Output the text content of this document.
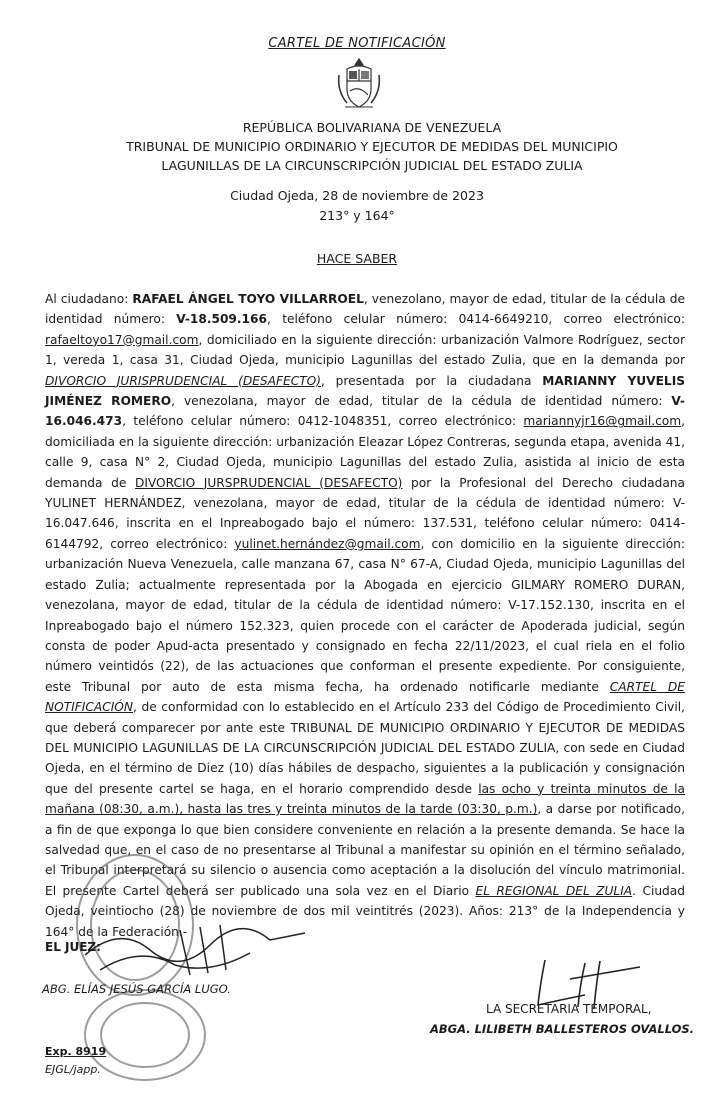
CARTEL DE NOTIFICACIÓN
REPÚBLICA BOLIVARIANA DE VENEZUELA
TRIBUNAL DE MUNICIPIO ORDINARIO Y EJECUTOR DE MEDIDAS DEL MUNICIPIO
LAGUNILLAS DE LA CIRCUNSCRIPCIÓN JUDICIAL DEL ESTADO ZULIA
Ciudad Ojeda, 28 de noviembre de 2023
213° y 164°
HACE SABER
Al ciudadano: RAFAEL ÁNGEL TOYO VILLARROEL, venezolano, mayor de edad, titular de la cédula de identidad número: V-18.509.166, teléfono celular número: 0414-6649210, correo electrónico: rafaeltoyo17@gmail.com, domiciliado en la siguiente dirección: urbanización Valmore Rodríguez, sector 1, vereda 1, casa 31, Ciudad Ojeda, municipio Lagunillas del estado Zulia, que en la demanda por DIVORCIO JURISPRUDENCIAL (DESAFECTO), presentada por la ciudadana MARIANNY YUVELIS JIMÉNEZ ROMERO, venezolana, mayor de edad, titular de la cédula de identidad número: V-16.046.473, teléfono celular número: 0412-1048351, correo electrónico: mariannyjr16@gmail.com, domiciliada en la siguiente dirección: urbanización Eleazar López Contreras, segunda etapa, avenida 41, calle 9, casa N° 2, Ciudad Ojeda, municipio Lagunillas del estado Zulia, asistida al inicio de esta demanda de DIVORCIO JURSPRUDENCIAL (DESAFECTO) por la Profesional del Derecho ciudadana YULINET HERNÁNDEZ, venezolana, mayor de edad, titular de la cédula de identidad número: V-16.047.646, inscrita en el Inpreabogado bajo el número: 137.531, teléfono celular número: 0414-6144792, correo electrónico: yulinet.hernández@gmail.com, con domicilio en la siguiente dirección: urbanización Nueva Venezuela, calle manzana 67, casa N° 67-A, Ciudad Ojeda, municipio Lagunillas del estado Zulia; actualmente representada por la Abogada en ejercicio GILMARY ROMERO DURAN, venezolana, mayor de edad, titular de la cédula de identidad número: V-17.152.130, inscrita en el Inpreabogado bajo el número 152.323, quien procede con el carácter de Apoderada judicial, según consta de poder Apud-acta presentado y consignado en fecha 22/11/2023, el cual riela en el folio número veintidós (22), de las actuaciones que conforman el presente expediente. Por consiguiente, este Tribunal por auto de esta misma fecha, ha ordenado notificarle mediante CARTEL DE NOTIFICACIÓN, de conformidad con lo establecido en el Artículo 233 del Código de Procedimiento Civil, que deberá comparecer por ante este TRIBUNAL DE MUNICIPIO ORDINARIO Y EJECUTOR DE MEDIDAS DEL MUNICIPIO LAGUNILLAS DE LA CIRCUNSCRIPCIÓN JUDICIAL DEL ESTADO ZULIA, con sede en Ciudad Ojeda, en el término de Diez (10) días hábiles de despacho, siguientes a la publicación y consignación que del presente cartel se haga, en el horario comprendido desde las ocho y treinta minutos de la mañana (08:30, a.m.), hasta las tres y treinta minutos de la tarde (03:30, p.m.), a darse por notificado, a fin de que exponga lo que bien considere conveniente en relación a la presente demanda. Se hace la salvedad que, en el caso de no presentarse al Tribunal a manifestar su opinión en el término señalado, el Tribunal interpretará su silencio o ausencia como aceptación a la disolución del vínculo matrimonial. El presente Cartel deberá ser publicado una sola vez en el Diario EL REGIONAL DEL ZULIA. Ciudad Ojeda, veintiocho (28) de noviembre de dos mil veintitrés (2023). Años: 213° de la Independencia y 164° de la Federación.-
EL JUEZ:
ABG. ELÍAS JESÚS GARCÍA LUGO.
LA SECRETARIA TEMPORAL,
ABGA. LILIBETH BALLESTEROS OVALLOS.
Exp. 8919
EJGL/japp.
